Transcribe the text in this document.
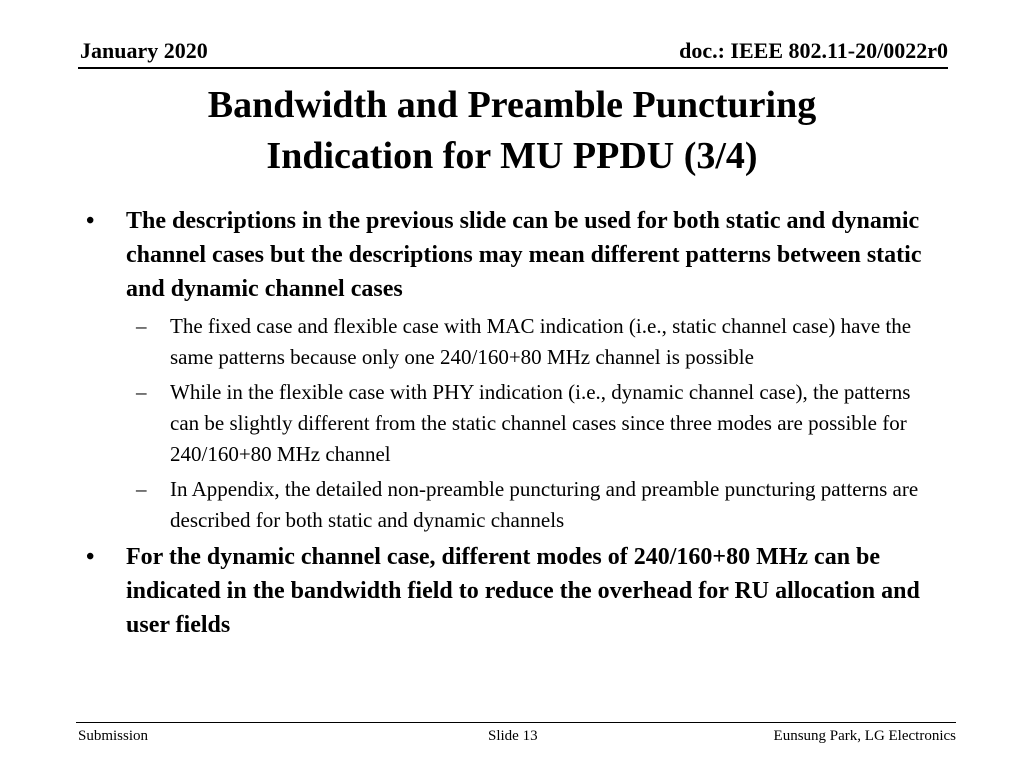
January 2020	doc.: IEEE 802.11-20/0022r0
Bandwidth and Preamble Puncturing
Indication for MU PPDU (3/4)
•	The descriptions in the previous slide can be used for both static and dynamic channel cases but the descriptions may mean different patterns between static and dynamic channel cases
–	The fixed case and flexible case with MAC indication (i.e., static channel case) have the same patterns because only one 240/160+80 MHz channel is possible
–	While in the flexible case with PHY indication (i.e., dynamic channel case), the patterns can be slightly different from the static channel cases since three modes are possible for 240/160+80 MHz channel
–	In Appendix, the detailed non-preamble puncturing and preamble puncturing patterns are described for both static and dynamic channels
•	For the dynamic channel case, different modes of 240/160+80 MHz can be indicated in the bandwidth field to reduce the overhead for RU allocation and user fields
Submission	Slide 13	Eunsung Park, LG Electronics
